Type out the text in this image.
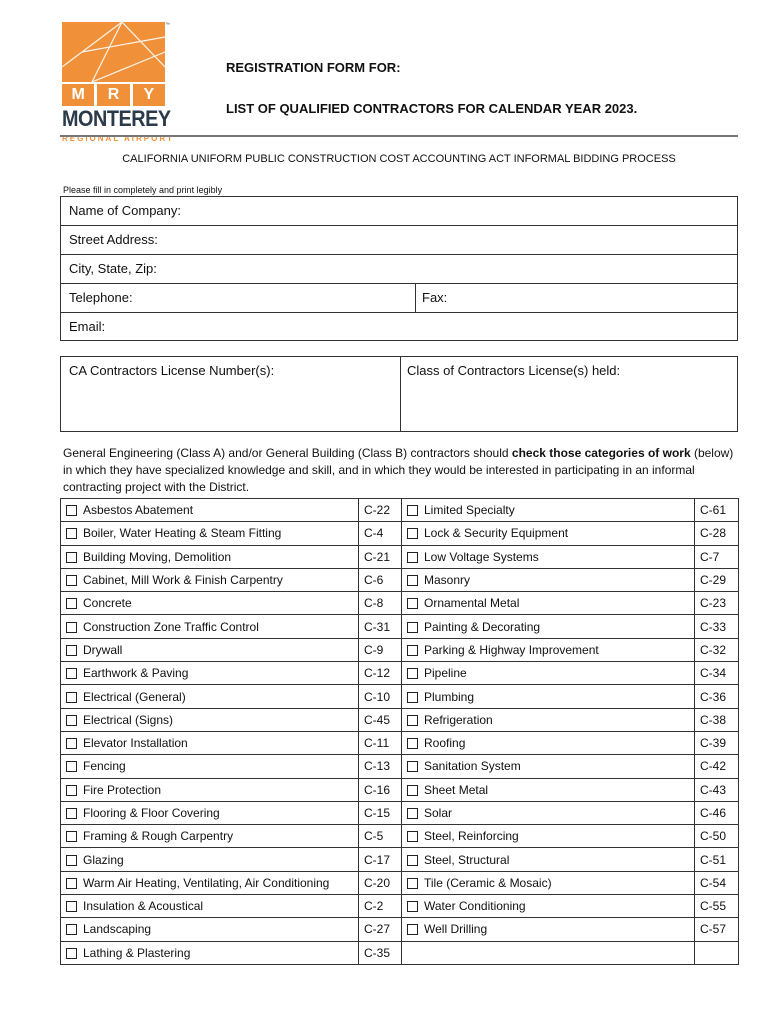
™
M	R	Y
MONTEREY
REGIONAL AIRPORT
REGISTRATION FORM FOR:
LIST OF QUALIFIED CONTRACTORS FOR CALENDAR YEAR 2023.
CALIFORNIA UNIFORM PUBLIC CONSTRUCTION COST ACCOUNTING ACT INFORMAL BIDDING PROCESS
Please fill in completely and print legibly
Name of Company:
Street Address:
City, State, Zip:
Telephone:	Fax:
Email:
CA Contractors License Number(s):	Class of Contractors License(s) held:
General Engineering (Class A) and/or General Building (Class B) contractors should check those categories of work (below) in which they have specialized knowledge and skill, and in which they would be interested in participating in an informal contracting project with the District.
Asbestos Abatement	C-22	Limited Specialty	C-61
Boiler, Water Heating & Steam Fitting	C-4	Lock & Security Equipment	C-28
Building Moving, Demolition	C-21	Low Voltage Systems	C-7
Cabinet, Mill Work & Finish Carpentry	C-6	Masonry	C-29
Concrete	C-8	Ornamental Metal	C-23
Construction Zone Traffic Control	C-31	Painting & Decorating	C-33
Drywall	C-9	Parking & Highway Improvement	C-32
Earthwork & Paving	C-12	Pipeline	C-34
Electrical (General)	C-10	Plumbing	C-36
Electrical (Signs)	C-45	Refrigeration	C-38
Elevator Installation	C-11	Roofing	C-39
Fencing	C-13	Sanitation System	C-42
Fire Protection	C-16	Sheet Metal	C-43
Flooring & Floor Covering	C-15	Solar	C-46
Framing & Rough Carpentry	C-5	Steel, Reinforcing	C-50
Glazing	C-17	Steel, Structural	C-51
Warm Air Heating, Ventilating, Air Conditioning	C-20	Tile (Ceramic & Mosaic)	C-54
Insulation & Acoustical	C-2	Water Conditioning	C-55
Landscaping	C-27	Well Drilling	C-57
Lathing & Plastering	C-35		
